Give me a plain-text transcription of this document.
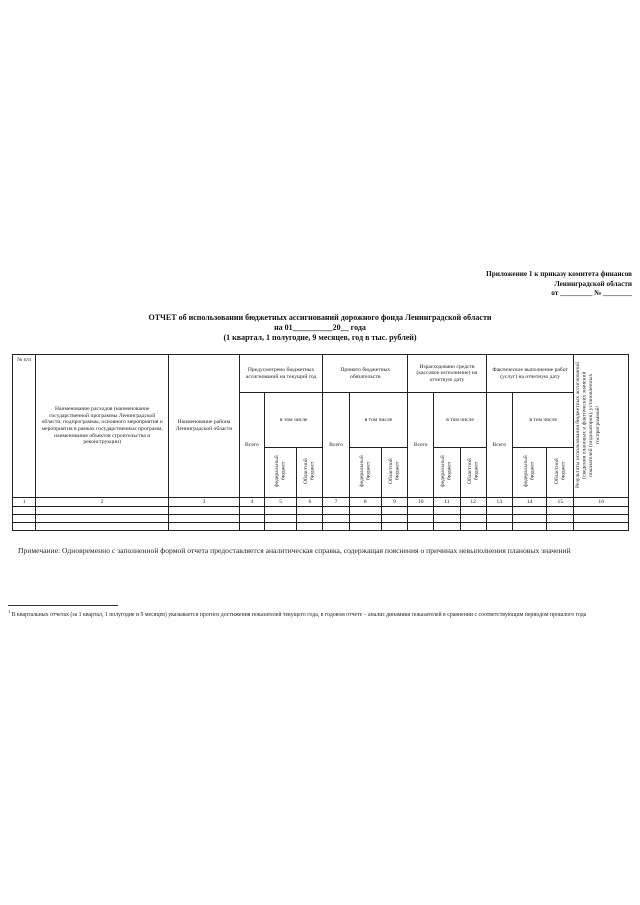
Приложение 1 к приказу комитета финансов
Ленинградской области
от _________ № ________
ОТЧЕТ об использовании бюджетных ассигнований дорожного фонда Ленинградской области
на 01__________20__ года
(1 квартал, 1 полугодие, 9 месяцев, год в тыс. рублей)
№ п/п	Наименование расходов (наименование государственной программы Ленинградской области, подпрограммы, основного мероприятия и мероприятия в рамках государственных программ, наименование объектов строительства и реконструкции)	Наименование района Ленинградской области	Предусмотрено бюджетных ассигнований на текущий год			Принято бюджетных обязательств			Израсходовано средств (кассовое исполнение) на отчетную дату			Фактическое выполнение работ (услуг) на отчетную дату			Результаты использования бюджетных ассигнований (сведения плановых и фактических значений показателей (индикаторов), установленных госпрограммой¹
			Всего	в том числе		Всего	в том числе		Всего	в том числе		Всего	в том числе		
				федеральный бюджет	Областной бюджет		федеральный бюджет	Областной бюджет		федеральный бюджет	Областной бюджет		федеральный бюджет	Областной бюджет	
1	2	3	4	5	6	7	8	9	10	11	12	13	14	15	16

Примечание: Одновременно с заполненной формой отчета предоставляется аналитическая справка, содержащая пояснения о причинах невыполнения плановых значений
$^1$ В квартальных отчетах (за 1 квартал, 1 полугодие и 9 месяцев) указывается прогноз достижения показателей текущего года, в годовом отчете – анализ динамики показателей в сравнении с соответствующим периодом прошлого года
